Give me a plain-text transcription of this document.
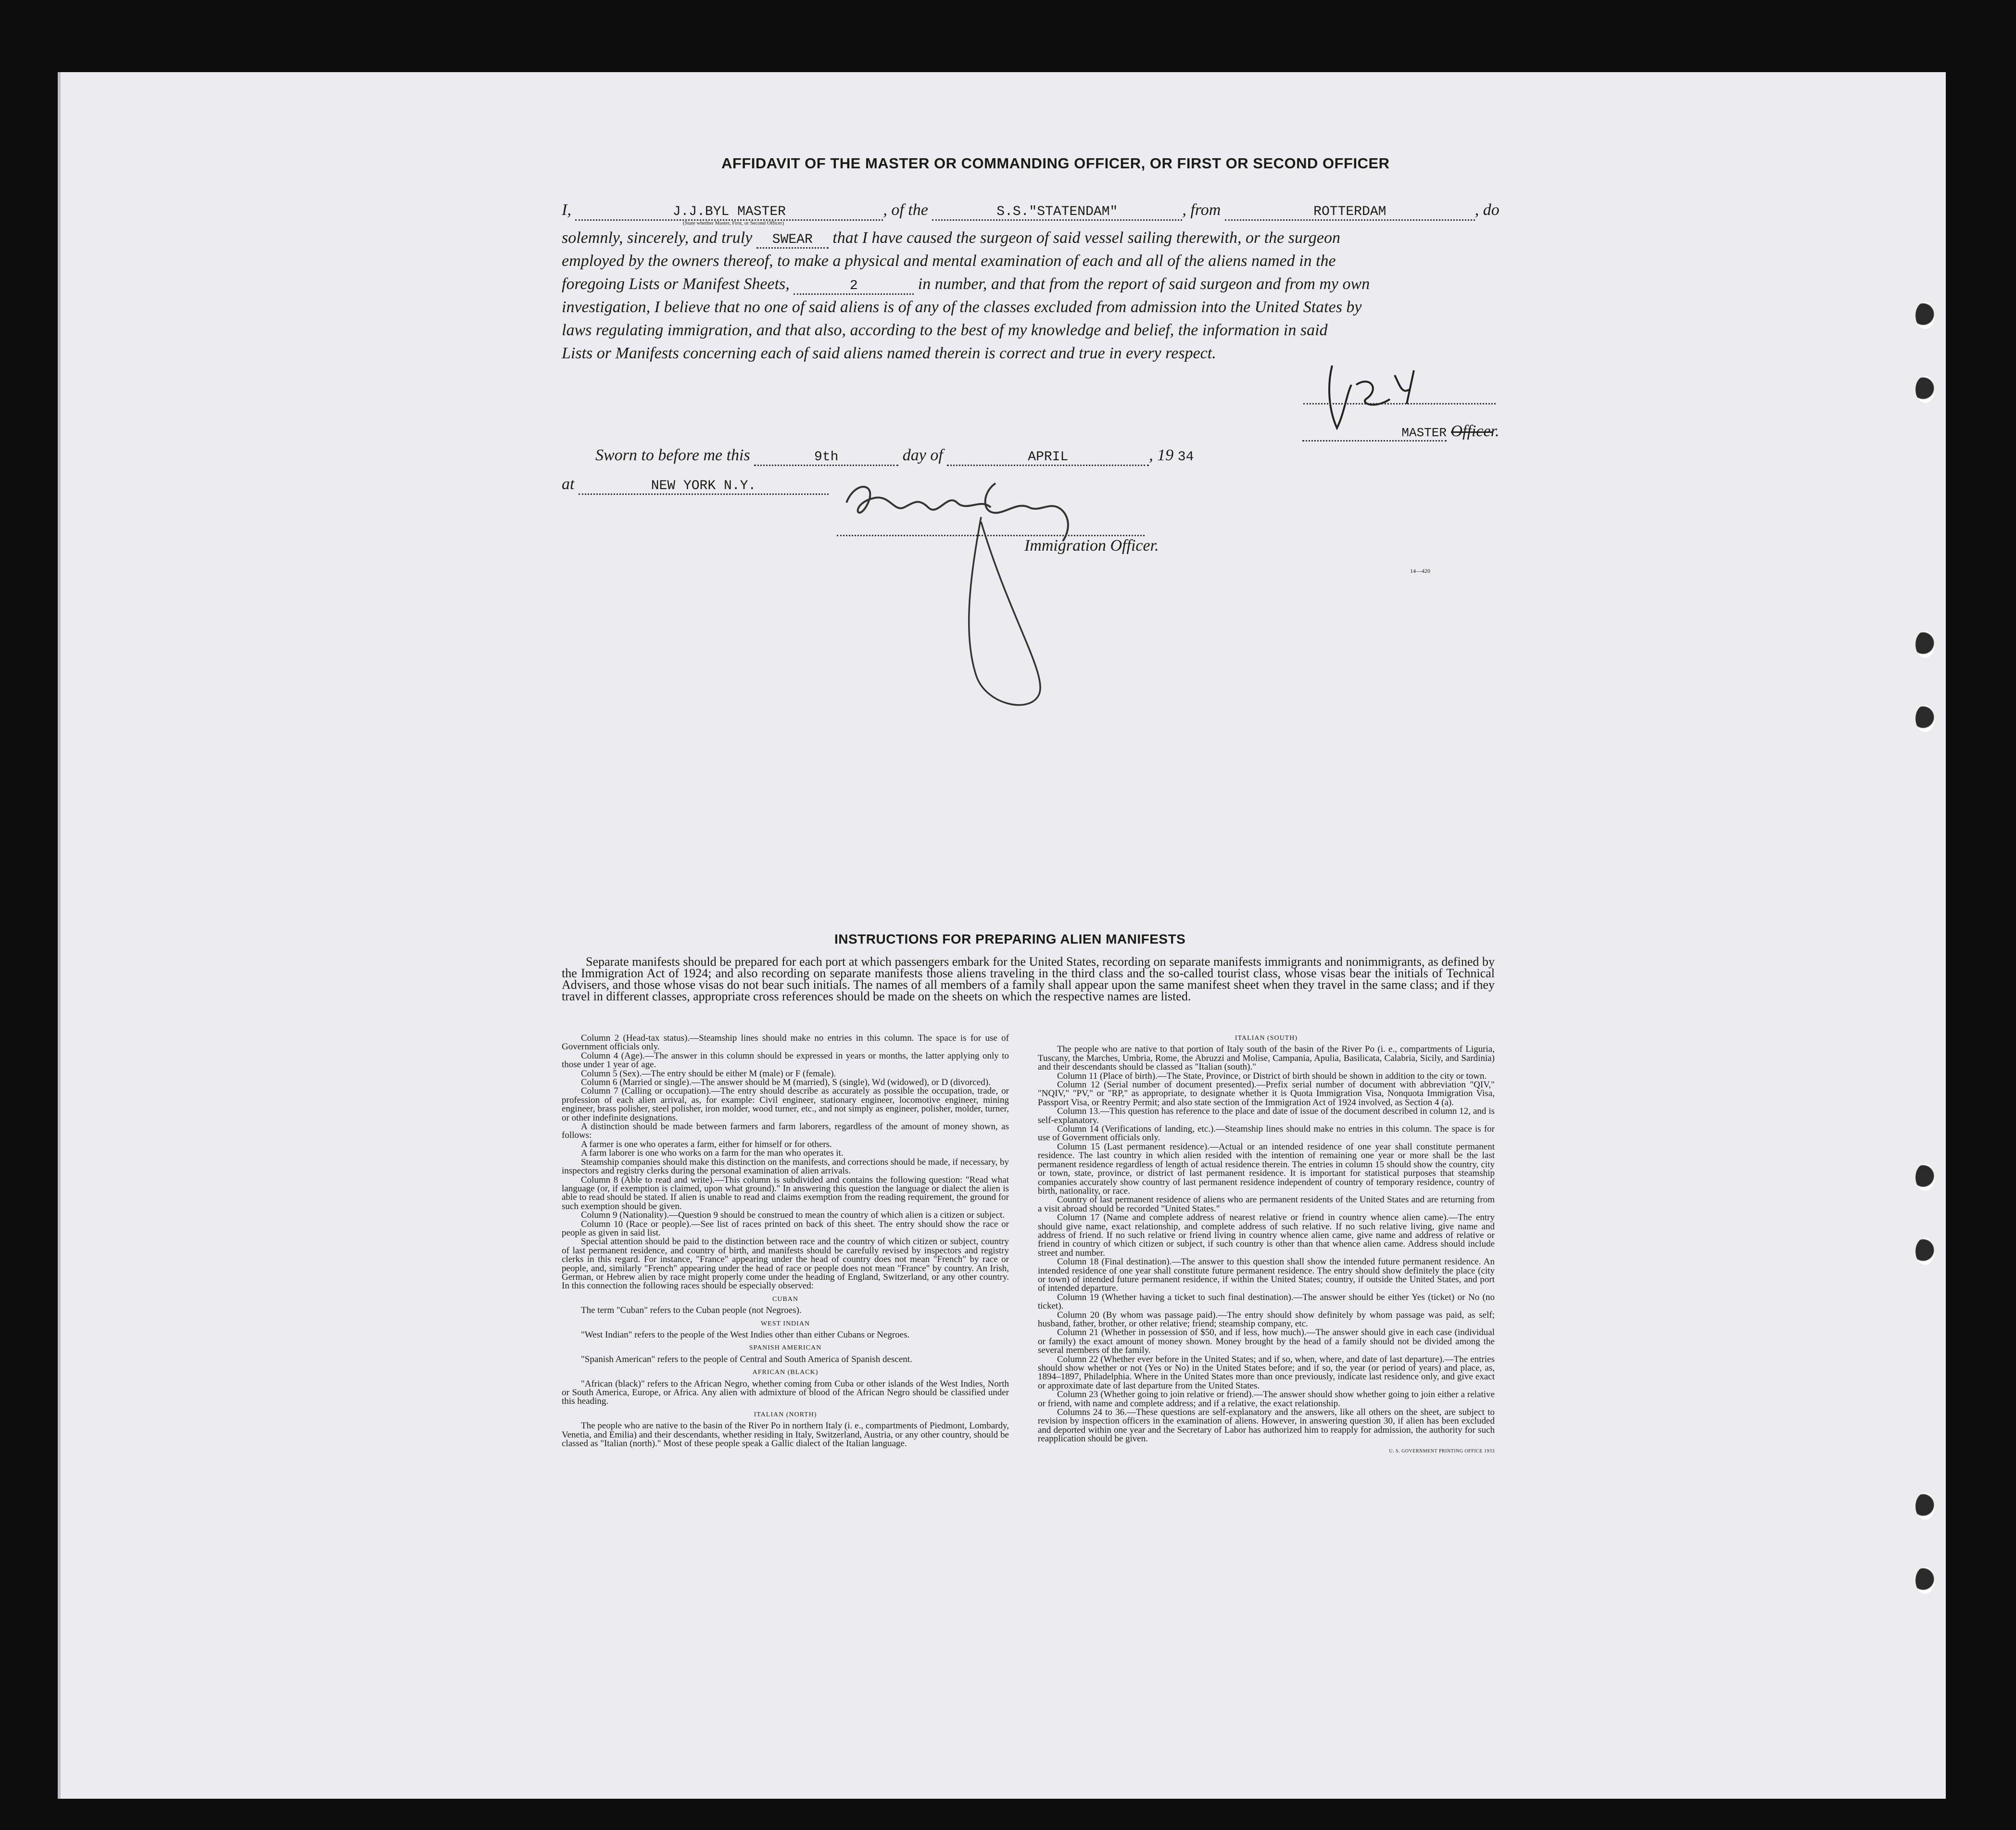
AFFIDAVIT OF THE MASTER OR COMMANDING OFFICER, OR FIRST OR SECOND OFFICER
I,	J.J.BYL MASTER	, of the	S.S."STATENDAM"	, from	ROTTERDAM	, do
(State whether Master, First, or Second Officer)
solemnly, sincerely, and truly SWEAR that I have caused the surgeon of said vessel sailing therewith, or the surgeon
employed by the owners thereof, to make a physical and mental examination of each and all of the aliens named in the
foregoing Lists or Manifest Sheets,	2	in number, and that from the report of said surgeon and from my own
investigation, I believe that no one of said aliens is of any of the classes excluded from admission into the United States by
laws regulating immigration, and that also, according to the best of my knowledge and belief, the information in said
Lists or Manifests concerning each of said aliens named therein is correct and true in every respect.
MASTER Officer.
Sworn to before me this	9th	day of	APRIL	, 19 34
at	NEW YORK N.Y.
Immigration Officer.
14—420
INSTRUCTIONS FOR PREPARING ALIEN MANIFESTS
Separate manifests should be prepared for each port at which passengers embark for the United States, recording on separate manifests immigrants and nonimmigrants, as defined by the Immigration Act of 1924; and also recording on separate manifests those aliens traveling in the third class and the so-called tourist class, whose visas bear the initials of Technical Advisers, and those whose visas do not bear such initials. The names of all members of a family shall appear upon the same manifest sheet when they travel in the same class; and if they travel in different classes, appropriate cross references should be made on the sheets on which the respective names are listed.

Column 2 (Head-tax status).—Steamship lines should make no entries in this column. The space is for use of Government officials only.

Column 4 (Age).—The answer in this column should be expressed in years or months, the latter applying only to those under 1 year of age.

Column 5 (Sex).—The entry should be either M (male) or F (female).

Column 6 (Married or single).—The answer should be M (married), S (single), Wd (widowed), or D (divorced).

Column 7 (Calling or occupation).—The entry should describe as accurately as possible the occupation, trade, or profession of each alien arrival, as, for example: Civil engineer, stationary engineer, locomotive engineer, mining engineer, brass polisher, steel polisher, iron molder, wood turner, etc., and not simply as engineer, polisher, molder, turner, or other indefinite designations.

A distinction should be made between farmers and farm laborers, regardless of the amount of money shown, as follows:

A farmer is one who operates a farm, either for himself or for others.

A farm laborer is one who works on a farm for the man who operates it.

Steamship companies should make this distinction on the manifests, and corrections should be made, if necessary, by inspectors and registry clerks during the personal examination of alien arrivals.

Column 8 (Able to read and write).—This column is subdivided and contains the following question: "Read what language (or, if exemption is claimed, upon what ground)." In answering this question the language or dialect the alien is able to read should be stated. If alien is unable to read and claims exemption from the reading requirement, the ground for such exemption should be given.

Column 9 (Nationality).—Question 9 should be construed to mean the country of which alien is a citizen or subject.

Column 10 (Race or people).—See list of races printed on back of this sheet. The entry should show the race or people as given in said list.

Special attention should be paid to the distinction between race and the country of which citizen or subject, country of last permanent residence, and country of birth, and manifests should be carefully revised by inspectors and registry clerks in this regard. For instance, "France" appearing under the head of country does not mean "French" by race or people, and, similarly "French" appearing under the head of race or people does not mean "France" by country. An Irish, German, or Hebrew alien by race might properly come under the heading of England, Switzerland, or any other country. In this connection the following races should be especially observed:

CUBAN

The term "Cuban" refers to the Cuban people (not Negroes).

WEST INDIAN

"West Indian" refers to the people of the West Indies other than either Cubans or Negroes.

SPANISH AMERICAN

"Spanish American" refers to the people of Central and South America of Spanish descent.

AFRICAN (BLACK)

"African (black)" refers to the African Negro, whether coming from Cuba or other islands of the West Indies, North or South America, Europe, or Africa. Any alien with admixture of blood of the African Negro should be classified under this heading.

ITALIAN (NORTH)

The people who are native to the basin of the River Po in northern Italy (i. e., compartments of Piedmont, Lombardy, Venetia, and Emilia) and their descendants, whether residing in Italy, Switzerland, Austria, or any other country, should be classed as "Italian (north)." Most of these people speak a Gallic dialect of the Italian language.

ITALIAN (SOUTH)

The people who are native to that portion of Italy south of the basin of the River Po (i. e., compartments of Liguria, Tuscany, the Marches, Umbria, Rome, the Abruzzi and Molise, Campania, Apulia, Basilicata, Calabria, Sicily, and Sardinia) and their descendants should be classed as "Italian (south)."

Column 11 (Place of birth).—The State, Province, or District of birth should be shown in addition to the city or town.

Column 12 (Serial number of document presented).—Prefix serial number of document with abbreviation "QIV," "NQIV," "PV," or "RP," as appropriate, to designate whether it is Quota Immigration Visa, Nonquota Immigration Visa, Passport Visa, or Reentry Permit; and also state section of the Immigration Act of 1924 involved, as Section 4 (a).

Column 13.—This question has reference to the place and date of issue of the document described in column 12, and is self-explanatory.

Column 14 (Verifications of landing, etc.).—Steamship lines should make no entries in this column. The space is for use of Government officials only.

Column 15 (Last permanent residence).—Actual or an intended residence of one year shall constitute permanent residence. The last country in which alien resided with the intention of remaining one year or more shall be the last permanent residence regardless of length of actual residence therein. The entries in column 15 should show the country, city or town, state, province, or district of last permanent residence. It is important for statistical purposes that steamship companies accurately show country of last permanent residence independent of country of temporary residence, country of birth, nationality, or race.

Country of last permanent residence of aliens who are permanent residents of the United States and are returning from a visit abroad should be recorded "United States."

Column 17 (Name and complete address of nearest relative or friend in country whence alien came).—The entry should give name, exact relationship, and complete address of such relative. If no such relative living, give name and address of friend. If no such relative or friend living in country whence alien came, give name and address of relative or friend in country of which citizen or subject, if such country is other than that whence alien came. Address should include street and number.

Column 18 (Final destination).—The answer to this question shall show the intended future permanent residence. An intended residence of one year shall constitute future permanent residence. The entry should show definitely the place (city or town) of intended future permanent residence, if within the United States; country, if outside the United States, and port of intended departure.

Column 19 (Whether having a ticket to such final destination).—The answer should be either Yes (ticket) or No (no ticket).

Column 20 (By whom was passage paid).—The entry should show definitely by whom passage was paid, as self; husband, father, brother, or other relative; friend; steamship company, etc.

Column 21 (Whether in possession of $50, and if less, how much).—The answer should give in each case (individual or family) the exact amount of money shown. Money brought by the head of a family should not be divided among the several members of the family.

Column 22 (Whether ever before in the United States; and if so, when, where, and date of last departure).—The entries should show whether or not (Yes or No) in the United States before; and if so, the year (or period of years) and place, as, 1894–1897, Philadelphia. Where in the United States more than once previously, indicate last residence only, and give exact or approximate date of last departure from the United States.

Column 23 (Whether going to join relative or friend).—The answer should show whether going to join either a relative or friend, with name and complete address; and if a relative, the exact relationship.

Columns 24 to 36.—These questions are self-explanatory and the answers, like all others on the sheet, are subject to revision by inspection officers in the examination of aliens. However, in answering question 30, if alien has been excluded and deported within one year and the Secretary of Labor has authorized him to reapply for admission, the authority for such reapplication should be given.

U. S. GOVERNMENT PRINTING OFFICE 1933
